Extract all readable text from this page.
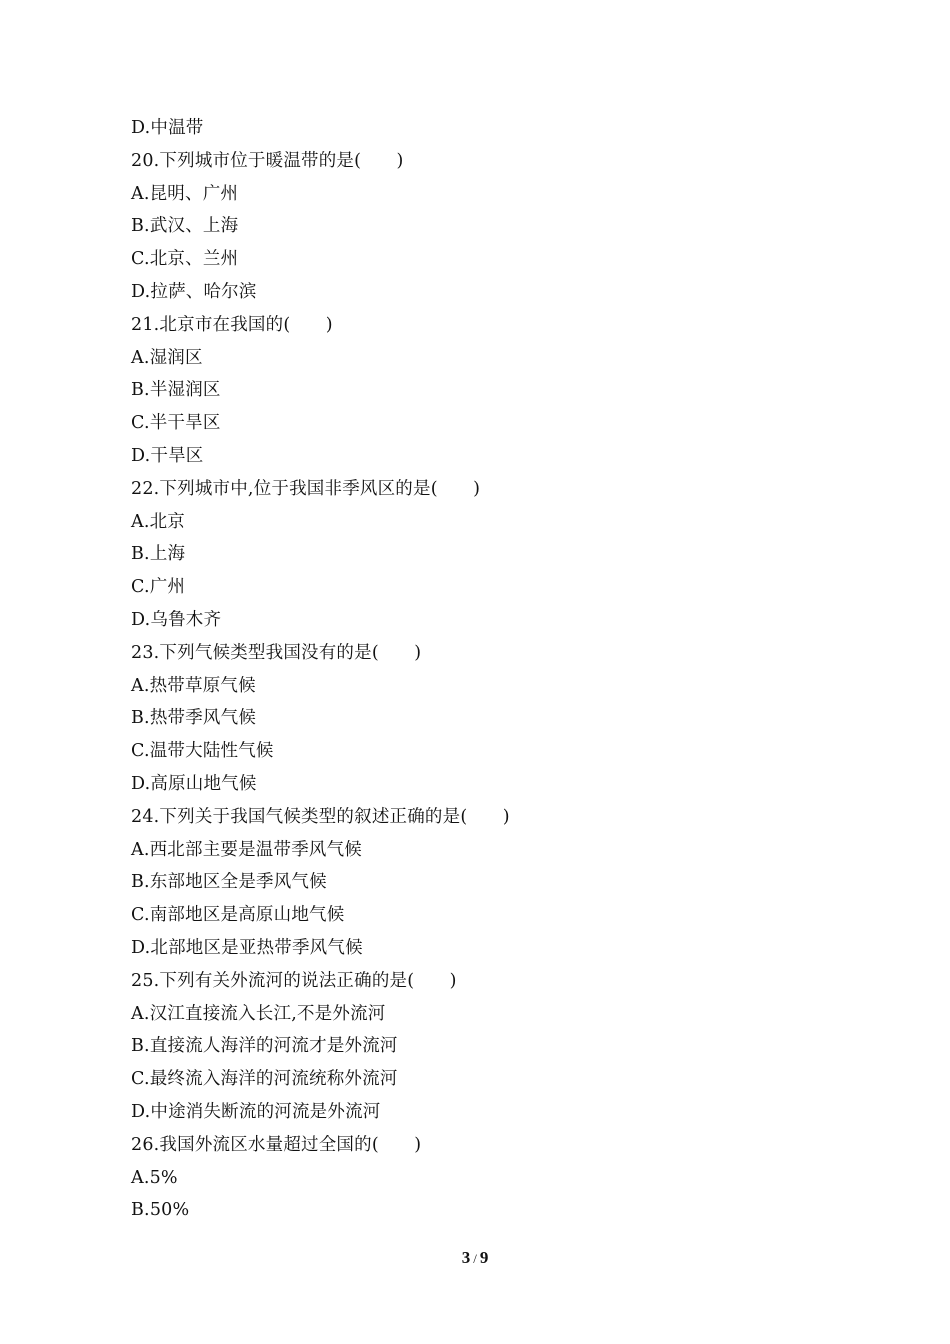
D.中温带
20.下列城市位于暖温带的是(　　)
A.昆明、广州
B.武汉、上海
C.北京、兰州
D.拉萨、哈尔滨
21.北京市在我国的(　　)
A.湿润区
B.半湿润区
C.半干旱区
D.干旱区
22.下列城市中,位于我国非季风区的是(　　)
A.北京
B.上海
C.广州
D.乌鲁木齐
23.下列气候类型我国没有的是(　　)
A.热带草原气候
B.热带季风气候
C.温带大陆性气候
D.高原山地气候
24.下列关于我国气候类型的叙述正确的是(　　)
A.西北部主要是温带季风气候
B.东部地区全是季风气候
C.南部地区是高原山地气候
D.北部地区是亚热带季风气候
25.下列有关外流河的说法正确的是(　　)
A.汉江直接流入长江,不是外流河
B.直接流人海洋的河流才是外流河
C.最终流入海洋的河流统称外流河
D.中途消失断流的河流是外流河
26.我国外流区水量超过全国的(　　)
A.5%
B.50%
3 / 9
